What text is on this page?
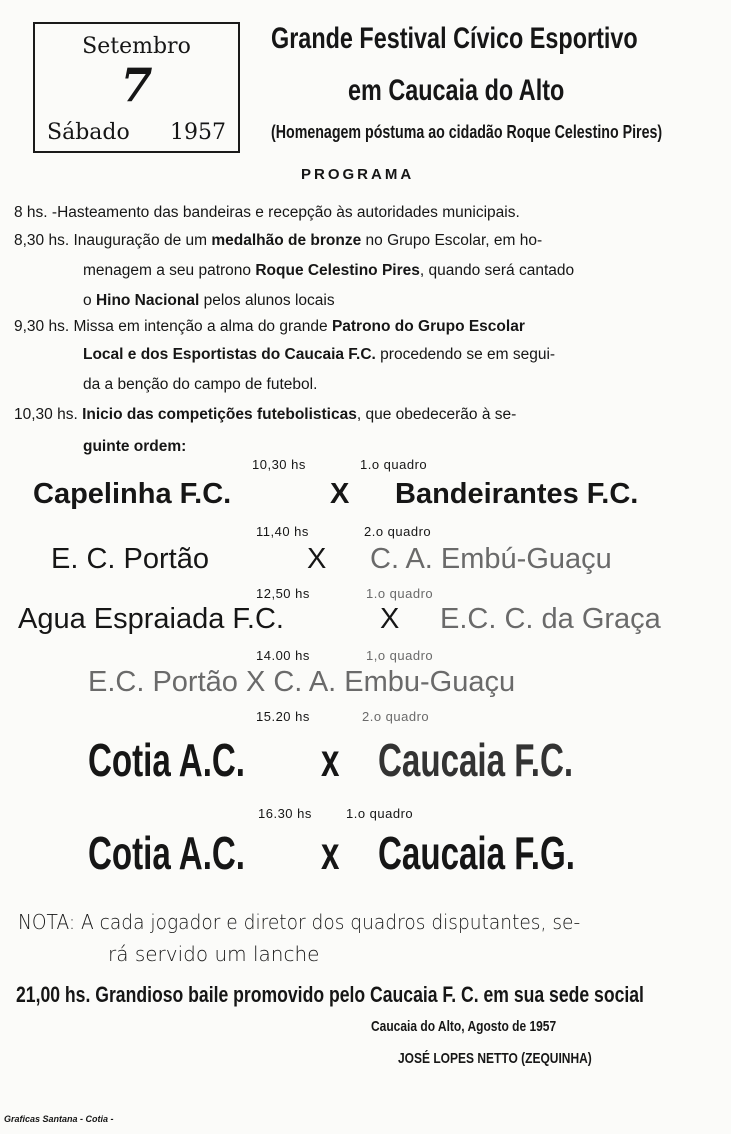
Setembro
7
Sábado 1957
Grande Festival Cívico Esportivo
em Caucaia do Alto
(Homenagem póstuma ao cidadão Roque Celestino Pires)
PROGRAMA
8 hs. -Hasteamento das bandeiras e recepção às autoridades municipais.
8,30 hs. Inauguração de um medalhão de bronze no Grupo Escolar, em ho-
menagem a seu patrono Roque Celestino Pires, quando será cantado
o Hino Nacional pelos alunos locais
9,30 hs. Missa em intenção a alma do grande Patrono do Grupo Escolar
Local e dos Esportistas do Caucaia F.C. procedendo se em segui-
da a benção do campo de futebol.
10,30 hs. Inicio das competições futebolisticas, que obedecerão à se-
guinte ordem:
10,30 hs	1.o quadro
Capelinha F.C.	X Bandeirantes F.C.
11,40 hs	2.o quadro
E. C. Portão	X C. A. Embú-Guaçu
12,50 hs	1.o quadro
Agua Espraiada F.C.	X E.C. C. da Graça
14.00 hs	1,o quadro
E.C. Portão X C. A. Embu-Guaçu
15.20 hs	2.o quadro
Cotia A.C. x Caucaia F.C.
16.30 hs	1.o quadro
Cotia A.C. x Caucaia F.G.
NOTA: A cada jogador e diretor dos quadros disputantes, se-
rá servido um lanche
21,00 hs. Grandioso baile promovido pelo Caucaia F. C. em sua sede social
Caucaia do Alto, Agosto de 1957
JOSÉ LOPES NETTO (ZEQUINHA)
Graficas Santana - Cotia -
